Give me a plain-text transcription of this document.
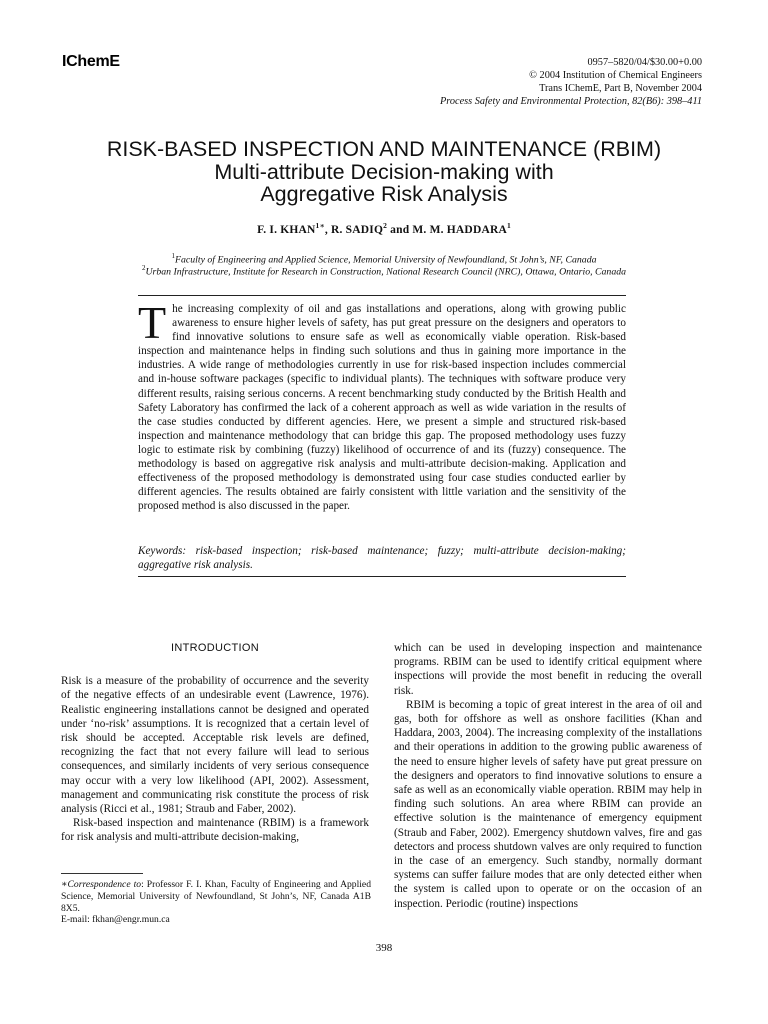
IChemE	0957–5820/04/$30.00+0.00
© 2004 Institution of Chemical Engineers
Trans IChemE, Part B, November 2004
Process Safety and Environmental Protection, 82(B6): 398–411
RISK-BASED INSPECTION AND MAINTENANCE (RBIM)
Multi-attribute Decision-making with
Aggregative Risk Analysis
F. I. $KHAN^{1∗}$, R. SADIQ$^2$ and M. M. HADDARA$^1$
$^1$Faculty of Engineering and Applied Science, Memorial University of Newfoundland, St John’s, NF, Canada
$^2$Urban Infrastructure, Institute for Research in Construction, National Research Council (NRC), Ottawa, Ontario, Canada
The increasing complexity of oil and gas installations and operations, along with growing public awareness to ensure higher levels of safety, has put great pressure on the designers and operators to find innovative solutions to ensure safe as well as economically viable operation. Risk-based inspection and maintenance helps in finding such solutions and thus in gaining more importance in the industries. A wide range of methodologies currently in use for risk-based inspection includes commercial and in-house software packages (specific to individual plants). The techniques with software produce very different results, raising serious concerns. A recent benchmarking study conducted by the British Health and Safety Laboratory has confirmed the lack of a coherent approach as well as wide variation in the results of the case studies conducted by different agencies. Here, we present a simple and structured risk-based inspection and maintenance methodology that can bridge this gap. The proposed methodology uses fuzzy logic to estimate risk by combining (fuzzy) likelihood of occurrence of and its (fuzzy) consequence. The methodology is based on aggregative risk analysis and multi-attribute decision-making. Application and effectiveness of the proposed methodology is demonstrated using four case studies conducted earlier by different agencies. The results obtained are fairly consistent with little variation and the sensitivity of the proposed method is also discussed in the paper.
Keywords: risk-based inspection; risk-based maintenance; fuzzy; multi-attribute decision-making; aggregative risk analysis.
INTRODUCTION

Risk is a measure of the probability of occurrence and the severity of the negative effects of an undesirable event (Lawrence, 1976). Realistic engineering installations cannot be designed and operated under ‘no-risk’ assumptions. It is recognized that a certain level of risk should be accepted. Acceptable risk levels are defined, recognizing the fact that not every failure will lead to serious consequences, and similarly incidents of very serious consequence may occur with a very low likelihood (API, 2002). Assessment, management and communicating risk constitute the process of risk analysis (Ricci et al., 1981; Straub and Faber, 2002).

Risk-based inspection and maintenance (RBIM) is a framework for risk analysis and multi-attribute decision-making,

which can be used in developing inspection and maintenance programs. RBIM can be used to identify critical equipment where inspections will provide the most benefit in reducing the overall risk.

RBIM is becoming a topic of great interest in the area of oil and gas, both for offshore as well as onshore facilities (Khan and Haddara, 2003, 2004). The increasing complexity of the installations and their operations in addition to the growing public awareness of the need to ensure higher levels of safety have put great pressure on the designers and operators to find innovative solutions to ensure a safe as well as an economically viable operation. RBIM may help in finding such solutions. An area where RBIM can provide an effective solution is the maintenance of emergency equipment (Straub and Faber, 2002). Emergency shutdown valves, fire and gas detectors and process shutdown valves are only required to function in the case of an emergency. Such standby, normally dormant systems can suffer failure modes that are only detected either when the system is called upon to operate or on the occasion of an inspection. Periodic (routine) inspections

∗Correspondence to: Professor F. I. Khan, Faculty of Engineering and Applied Science, Memorial University of Newfoundland, St John’s, NF, Canada A1B 8X5.
E-mail: fkhan@engr.mun.ca
398
